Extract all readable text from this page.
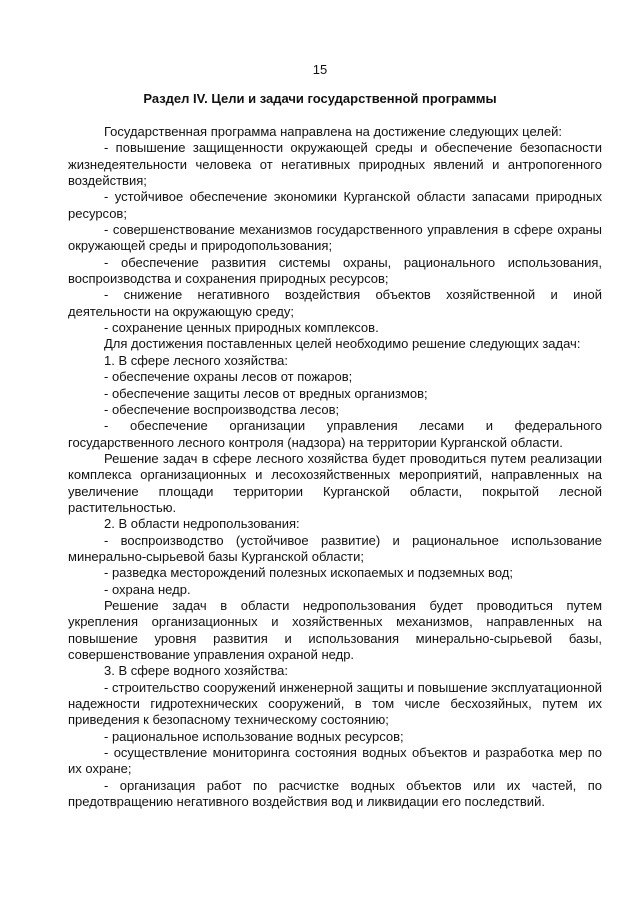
15
Раздел IV. Цели и задачи государственной программы

Государственная программа направлена на достижение следующих целей:

- повышение защищенности окружающей среды и обеспечение безопасности жизнедеятельности человека от негативных природных явлений и антропогенного воздействия;

- устойчивое обеспечение экономики Курганской области запасами природных ресурсов;

- совершенствование механизмов государственного управления в сфере охраны окружающей среды и природопользования;

- обеспечение развития системы охраны, рационального использования, воспроизводства и сохранения природных ресурсов;

- снижение негативного воздействия объектов хозяйственной и иной деятельности на окружающую среду;

- сохранение ценных природных комплексов.

Для достижения поставленных целей необходимо решение следующих задач:

1. В сфере лесного хозяйства:

- обеспечение охраны лесов от пожаров;

- обеспечение защиты лесов от вредных организмов;

- обеспечение воспроизводства лесов;

- обеспечение организации управления лесами и федерального государственного лесного контроля (надзора) на территории Курганской области.

Решение задач в сфере лесного хозяйства будет проводиться путем реализации комплекса организационных и лесохозяйственных мероприятий, направленных на увеличение площади территории Курганской области, покрытой лесной растительностью.

2. В области недропользования:

- воспроизводство (устойчивое развитие) и рациональное использование минерально-сырьевой базы Курганской области;

- разведка месторождений полезных ископаемых и подземных вод;

- охрана недр.

Решение задач в области недропользования будет проводиться путем укрепления организационных и хозяйственных механизмов, направленных на повышение уровня развития и использования минерально-сырьевой базы, совершенствование управления охраной недр.

3. В сфере водного хозяйства:

- строительство сооружений инженерной защиты и повышение эксплуатационной надежности гидротехнических сооружений, в том числе бесхозяйных, путем их приведения к безопасному техническому состоянию;

- рациональное использование водных ресурсов;

- осуществление мониторинга состояния водных объектов и разработка мер по их охране;

- организация работ по расчистке водных объектов или их частей, по предотвращению негативного воздействия вод и ликвидации его последствий.
